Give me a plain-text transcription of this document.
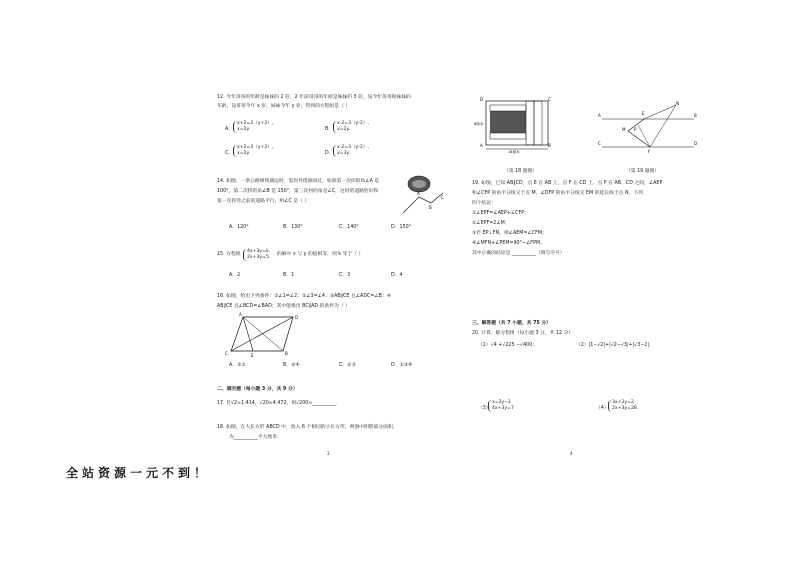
12. 今年哥哥的年龄是妹妹的 2 倍，2 年前哥哥的年龄是妹妹的 3 倍。设今年哥哥和妹妹的
年龄，设哥哥今年 x 岁，妹妹今年 y 岁，得到的方程组是（ ）
A.
x+2=2（y+2）,
x=2y.	B.
x-2=3（y-2）,
x=2y.
C.
x+2=3（y+2）,
x=2y.	D.
x-2=3（y-2）,
x=3y.
14. 如图，一条公路修到湖边时，需拐弯绕湖而过，如果第一次拐的角∠A 是
100°，第二次拐的角∠B 是 150°，第三次拐的角是∠C，这时的道路恰好和
第一次拐弯之前的道路平行，则∠C 是（ ）
A
B
C
A．120°	B．130°	C．140°	D．150°
15. 方程组
4x+3y=k,
2x+3y=5
的解中 x 与 y 的值相等，则 k 等于（ ）
A．2	B．1	C．3	D．4
16. 如图，给出下列条件：①∠1=∠2；②∠3=∠4；③AB∥CE 且∠ADC=∠B；④
AB∥CE 且∠BCD=∠BAD；其中能推出 BC∥AD 的条件为（ ）
A
D
C	E	B
A．①②	B．②④	C．②③	D．②③④
二、填空题（每小题 3 分，共 9 分）
17. 若√2≈1.414，√20≈4.472，则√200≈__________.
18. 如图，在大长方形 ABCD 中，放入 6 个相同的小长方形，则图中阴影部分面积，
为__________平方厘米.
3
D	C
A	B
6厘米
14厘米
（第 18 题图）
A	B
C	D
E
F
M
N
P
（第 19 题图）
19. 如图，已知 AB∥CD，点 E 在 AB 上，点 F 在 CD 上，点 P 在 AB、CD 之间，∠AEP
和∠CFP 的角平分线交于点 M，∠DFP 的角平分线交 EM 的延长线于点 N，下列
四个结论：
①∠EPF=∠AEP+∠CFP；
②∠EPF=2∠M；
③若 EP⊥FN，则∠AEM=∠CFM；
④∠MFN+∠PEM=90°−∠FPM。
其中正确的结论是 __________（填写序号）
三、解答题（共 7 小题，共 75 分）
20. 计算、解方程组（每小题 3 分，共 12 分）
（1）√4 +√225 −√400；	（2）|1−√2|+|√2−√3|+|√3−2|.
（3）
x=2y−1
4x+3y=7	（4）
3x+2y=2
2x+3y=28.
4
全站资源一元不到！
